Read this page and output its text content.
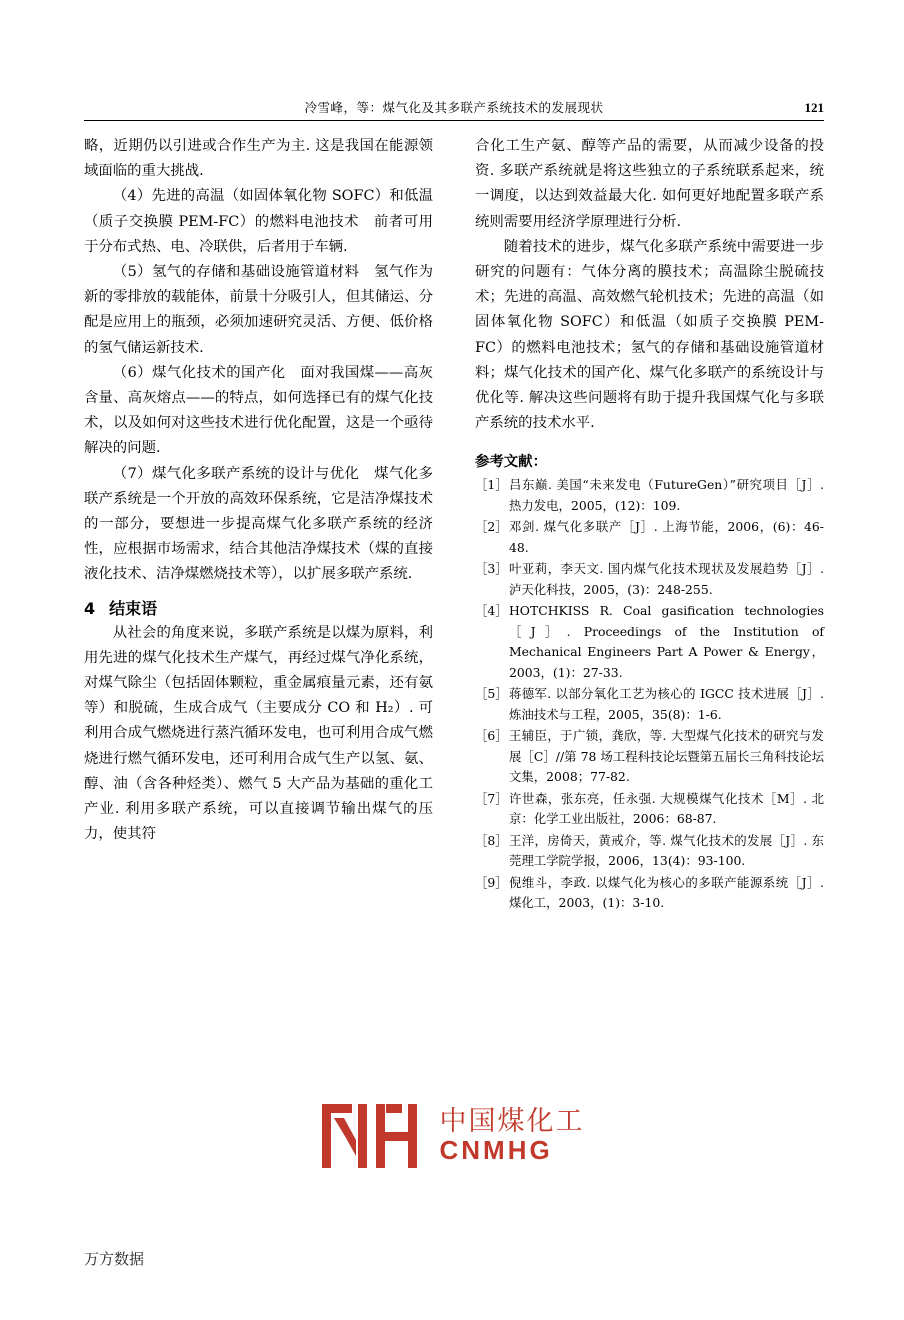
冷雪峰，等：煤气化及其多联产系统技术的发展现状	121

略，近期仍以引进或合作生产为主. 这是我国在能源领域面临的重大挑战.

（4）先进的高温（如固体氧化物 SOFC）和低温（质子交换膜 PEM-FC）的燃料电池技术　前者可用于分布式热、电、冷联供，后者用于车辆.

（5）氢气的存储和基础设施管道材料　氢气作为新的零排放的载能体，前景十分吸引人，但其储运、分配是应用上的瓶颈，必须加速研究灵活、方便、低价格的氢气储运新技术.

（6）煤气化技术的国产化　面对我国煤——高灰含量、高灰熔点——的特点，如何选择已有的煤气化技术，以及如何对这些技术进行优化配置，这是一个亟待解决的问题.

（7）煤气化多联产系统的设计与优化　煤气化多联产系统是一个开放的高效环保系统，它是洁净煤技术的一部分，要想进一步提高煤气化多联产系统的经济性，应根据市场需求，结合其他洁净煤技术（煤的直接液化技术、洁净煤燃烧技术等），以扩展多联产系统.

4 结束语

从社会的角度来说，多联产系统是以煤为原料，利用先进的煤气化技术生产煤气，再经过煤气净化系统，对煤气除尘（包括固体颗粒，重金属痕量元素，还有氨等）和脱硫，生成合成气（主要成分 CO 和 H₂）. 可利用合成气燃烧进行蒸汽循环发电，也可利用合成气燃烧进行燃气循环发电，还可利用合成气生产以氢、氨、醇、油（含各种烃类）、燃气 5 大产品为基础的重化工产业. 利用多联产系统，可以直接调节输出煤气的压力，使其符

合化工生产氨、醇等产品的需要，从而减少设备的投资. 多联产系统就是将这些独立的子系统联系起来，统一调度，以达到效益最大化. 如何更好地配置多联产系统则需要用经济学原理进行分析.

随着技术的进步，煤气化多联产系统中需要进一步研究的问题有：气体分离的膜技术；高温除尘脱硫技术；先进的高温、高效燃气轮机技术；先进的高温（如固体氧化物 SOFC）和低温（如质子交换膜 PEM-FC）的燃料电池技术；氢气的存储和基础设施管道材料；煤气化技术的国产化、煤气化多联产的系统设计与优化等. 解决这些问题将有助于提升我国煤气化与多联产系统的技术水平.

参考文献：
［1］ 吕东巅. 美国“未来发电（FutureGen）”研究项目［J］. 热力发电，2005，(12)：109.
［2］ 邓剑. 煤气化多联产［J］. 上海节能，2006，(6)：46-48.
［3］ 叶亚莉，李天文. 国内煤气化技术现状及发展趋势［J］. 泸天化科技，2005，(3)：248-255.
［4］ HOTCHKISS R. Coal gasification technologies［J］. Proceedings of the Institution of Mechanical Engineers Part A Power & Energy，2003，(1)：27-33.
［5］ 蒋德军. 以部分氧化工艺为核心的 IGCC 技术进展［J］. 炼油技术与工程，2005，35(8)：1-6.
［6］ 王辅臣，于广锁，龚欣，等. 大型煤气化技术的研究与发展［C］//第 78 场工程科技论坛暨第五届长三角科技论坛文集，2008；77-82.
［7］ 许世森，张东亮，任永强. 大规模煤气化技术［M］. 北京：化学工业出版社，2006：68-87.
［8］ 王洋，房倚天，黄戒介，等. 煤气化技术的发展［J］. 东莞理工学院学报，2006，13(4)：93-100.
［9］ 倪维斗，李政. 以煤气化为核心的多联产能源系统［J］. 煤化工，2003，(1)：3-10.
中国煤化工
CNMHG
万方数据
